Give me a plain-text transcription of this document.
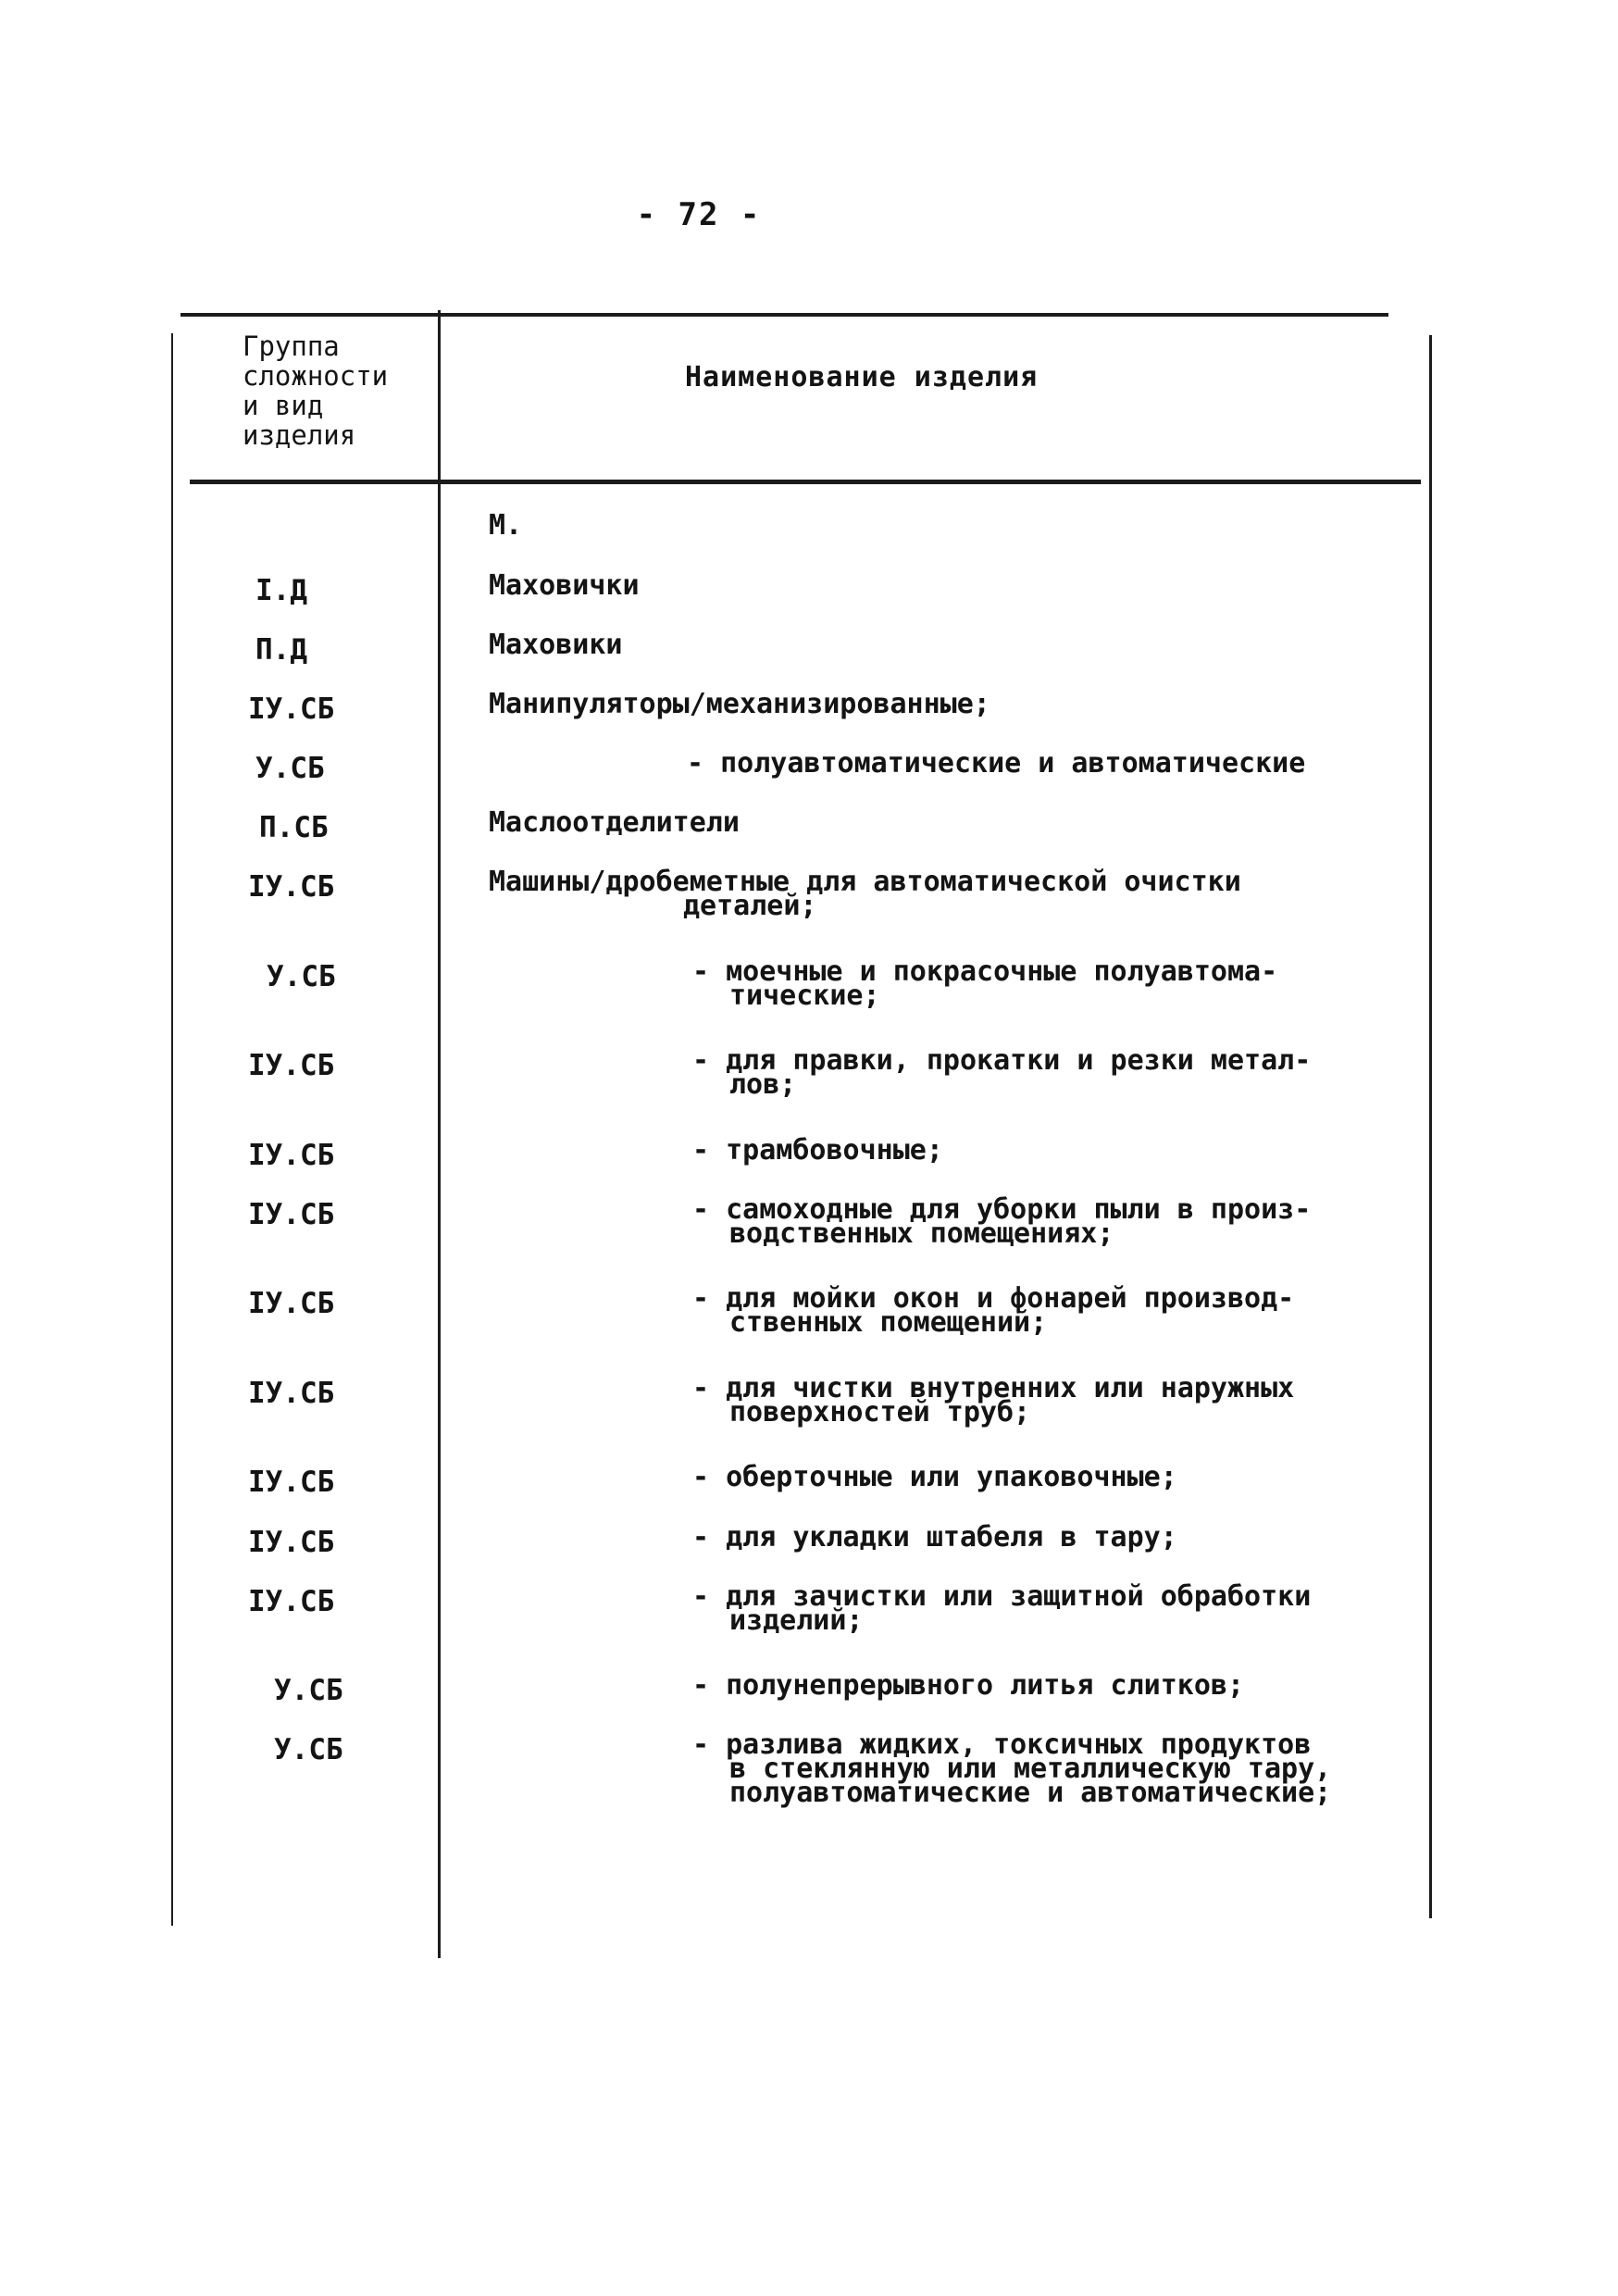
- 72 -
Группа
сложности
и вид
изделия
Наименование изделия
М.
I.Д	Маховички
П.Д	Маховики
IУ.СБ	Манипуляторы/механизированные;
У.СБ	- полуавтоматические и автоматические
П.СБ	Маслоотделители
IУ.СБ	Машины/дробеметные для автоматической очистки
деталей;
У.СБ	- моечные и покрасочные полуавтома-
тические;
IУ.СБ	- для правки, прокатки и резки метал-
лов;
IУ.СБ	- трамбовочные;
IУ.СБ	- самоходные для уборки пыли в произ-
водственных помещениях;
IУ.СБ	- для мойки окон и фонарей производ-
ственных помещений;
IУ.СБ	- для чистки внутренних или наружных
поверхностей труб;
IУ.СБ	- оберточные или упаковочные;
IУ.СБ	- для укладки штабеля в тару;
IУ.СБ	- для зачистки или защитной обработки
изделий;
У.СБ	- полунепрерывного литья слитков;
У.СБ	- разлива жидких, токсичных продуктов
в стеклянную или металлическую тару,
полуавтоматические и автоматические;
